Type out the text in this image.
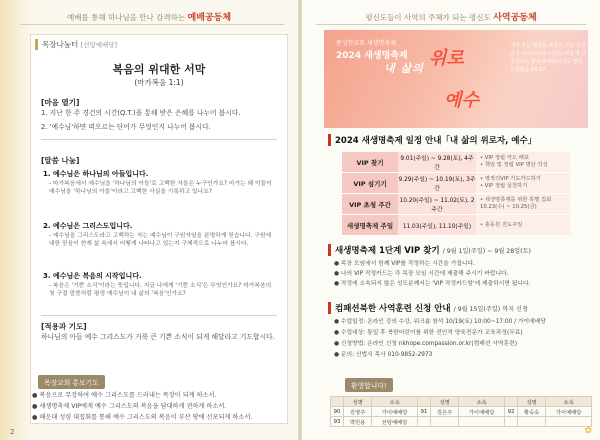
예배를 통해 하나님을 만나 감격하는 예배공동체
목장나눔터 [선탕예배당]
복음의 위대한 서막
(마가복음 1:1)
[마음 열기]
1. 지난 한 주 경건의 시간(Q.T.)을 통해 받은 은혜를 나누어 봅시다.
2. '예수님'하면 떠오르는 단어가 무엇인지 나누어 봅시다.
[말씀 나눔]
1. 예수님은 하나님의 아들입니다.
- 마가복음에서 예수님을 '하나님의 아들'로 고백한 자들은 누구인가요? 마가는 왜 이들이 예수님을 '하나님의 아들'이라고 고백한 사실을 기록하고 있나요?
2. 예수님은 그리스도입니다.
- 예수님을 그리스도라고 고백하는 자는 예수님이 구원자임을 분명하게 믿습니다. 구원에 대한 믿음이 현재 삶 속에서 어떻게 나타나고 있는지 구체적으로 나누어 봅시다.
3. 예수님은 복음의 시작입니다.
- 복음은 '기쁜 소식'이라는 뜻입니다. 지금 나에게 '기쁜 소식'은 무엇인가요? 마가복음의 첫 구절 말씀처럼 평생 예수님이 내 삶의 '복음'인가요?
[적용과 기도]
하나님의 아들 예수 그리스도가 거룩 큰 기쁜 소식이 되게 해달라고 기도합시다.
목장교회 홍보기도
● 복음으로 무장하여 예수 그리스도를 드러내는 목장이 되게 하소서.
● 새생명축제 VIP에게 예수 그리스도의 복음을 담대하게 전하게 하소서.
● 해운대 성령 대집회를 통해 예수 그리스도의 복음이 부산 땅에 선포되게 하소서.
2
평신도들이 사역의 주체가 되는 평신도 사역공동체
풍성한교회 새생명축제
2024 새생명축제
내 삶의 위로
예수
내가 주는 평안은 세상이 주는 것과 같지 아니하니라. 너희는 마음에 근심하지도 말고 두려워하지도 말라 요한복음 14:27
2024 새생명축제 일정 안내「내 삶의 위로자, 예수」
VIP 찾기	9.01(주일) ~ 9.28(토), 4주간	• VIP 정립 카드 배포
• 책임 및 정립 VIP 명단 작성
VIP 섬기기	9.29(주일) ~ 10.19(토), 3주간	• 영적의VIP 기도카드하기
• VIP 정립 실천하기
VIP 초청 주간	10.20(주일) ~ 11.02(토), 2주간	• 새생명축제를 위한 특별 집회 10.23(수) ~ 10.25(금)
새생명축제 주일	11.03(주일), 11.10(주일)	• 총동원 전도주일
새생명축제 1단계 VIP 찾기 / 9월 1일(주일) ~ 9월 28일(토)
● 목장 모임에서 함께 VIP를 작정하는 시간을 가집니다.
● 나의 VIP 작정카드는 각 목장 모임 시간에 제출해 주시기 바랍니다.
● 작정에 소속되지 않은 성도분께서는 'VIP 작정카드함'에 제출하시면 됩니다.
컴패션북한 사역훈련 신청 안내 / 9월 15일(주일) 까지 신청
● 수업일정: 온라인 강의 수강, 워크숍 참석 10/19(토) 10:00~17:00 / 가이예배당
● 수업대상: 통일 후 북한어린이를 위한 전인적 양육전문가 교육과정(무료)
● 신청방법: 온라인 신청 nkhope.compassion.or.kr(컴패션 사역훈련)
● 문의: 신법식 목사 010-9852-2973
환영합니다!
	성명	소속		성명	소속		성명	소속
90	김영주	가이예배당	91	김은주	가이예배당	92	황숙숙	가이예배당
93	박민용	선탕예배당						
✿
